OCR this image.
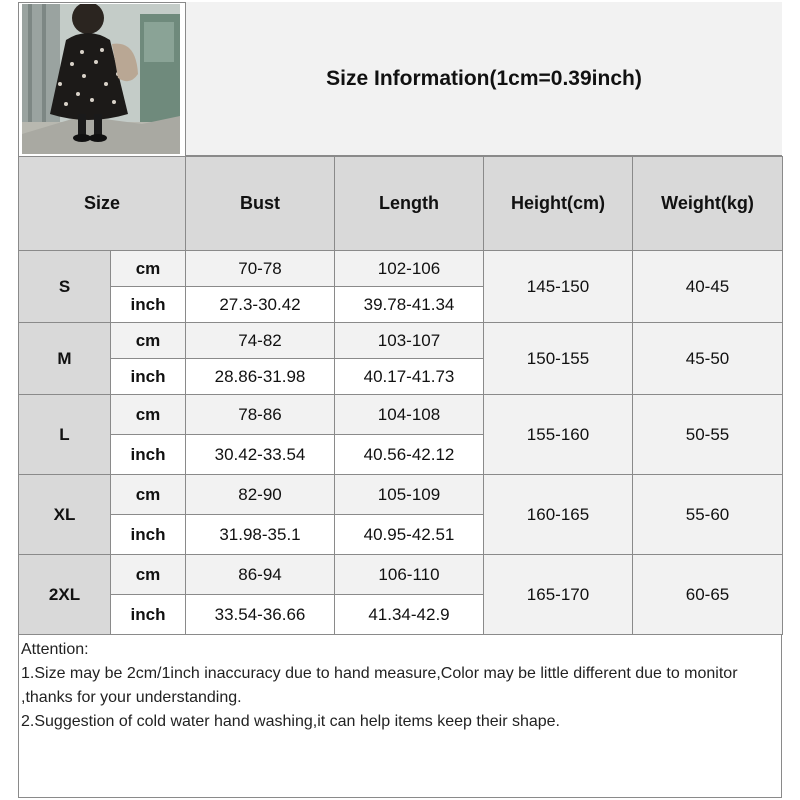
Size Information(1cm=0.39inch)
Size		Bust	Length	Height(cm)	Weight(kg)
S	cm	70-78	102-106	145-150	40-45
	inch	27.3-30.42	39.78-41.34		
M	cm	74-82	103-107	150-155	45-50
	inch	28.86-31.98	40.17-41.73		
L	cm	78-86	104-108	155-160	50-55
	inch	30.42-33.54	40.56-42.12		
XL	cm	82-90	105-109	160-165	55-60
	inch	31.98-35.1	40.95-42.51		
2XL	cm	86-94	106-110	165-170	60-65
	inch	33.54-36.66	41.34-42.9		

Attention:

1.Size may be 2cm/1inch inaccuracy due to hand measure,Color may be little different due to monitor ,thanks for your understanding.

2.Suggestion of cold water hand washing,it can help items keep their shape.
